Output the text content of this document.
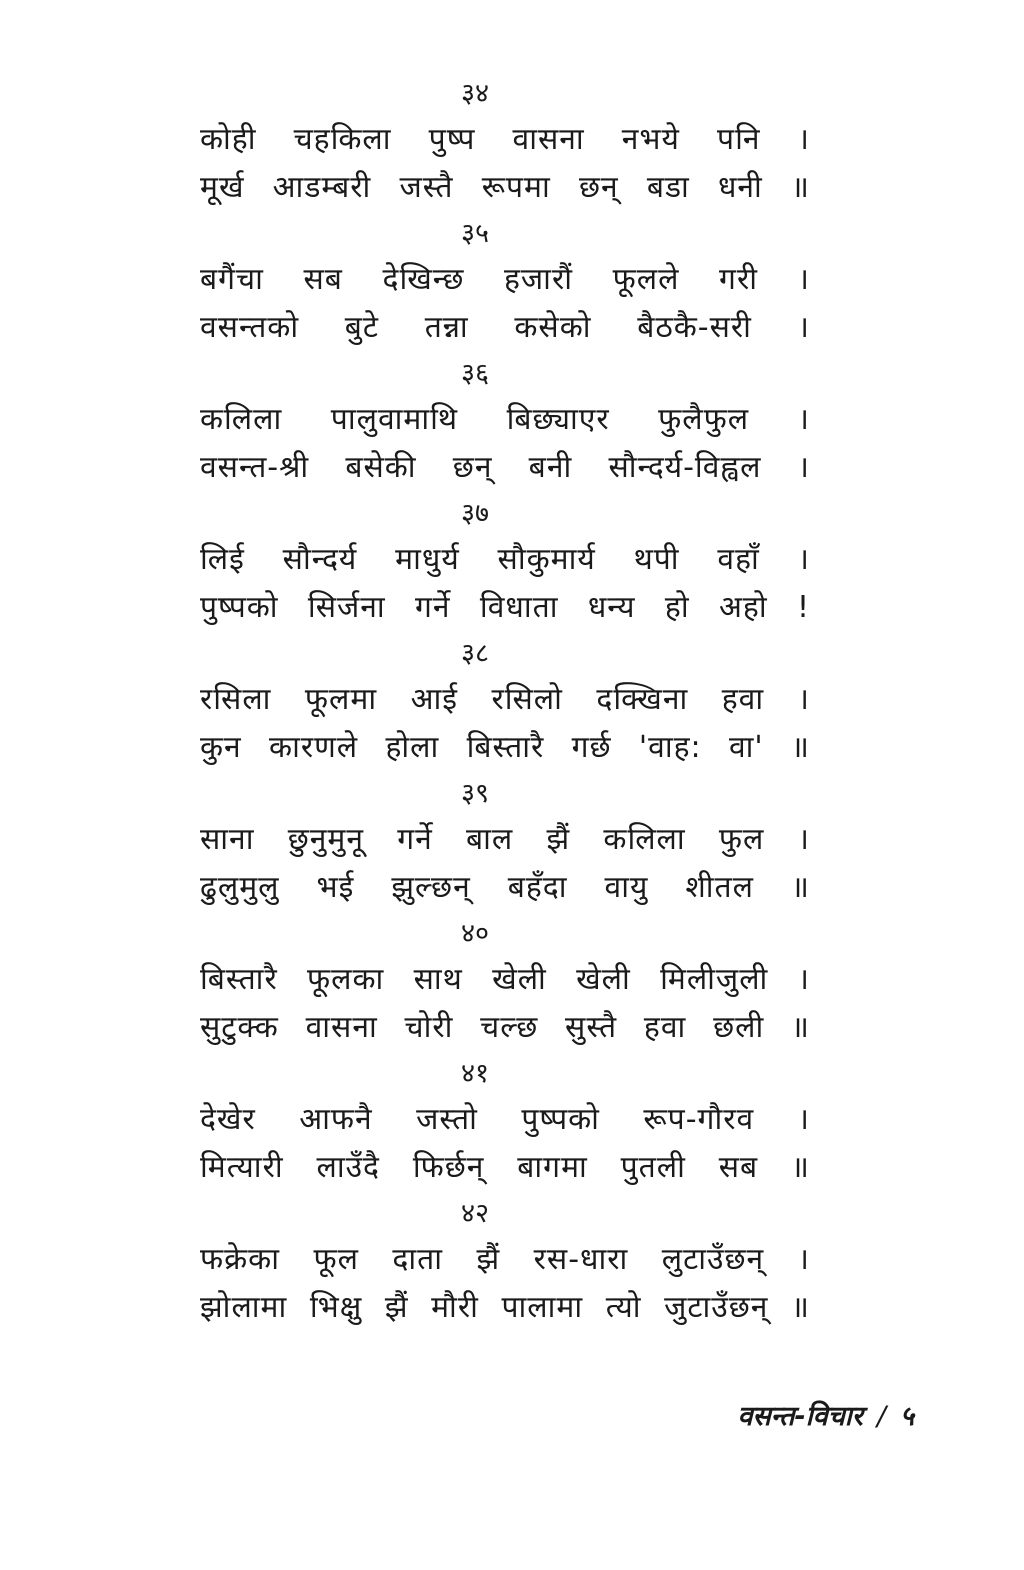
३४
कोही चहकिला पुष्प वासना नभये पनि ।
मूर्ख आडम्बरी जस्तै रूपमा छन् बडा धनी ॥
३५
बगैंचा सब देखिन्छ हजारौं फूलले गरी ।
वसन्तको बुटे तन्ना कसेको बैठकै-सरी ।
३६
कलिला पालुवामाथि बिछ्याएर फुलैफुल ।
वसन्त-श्री बसेकी छन् बनी सौन्दर्य-विह्वल ।
३७
लिई सौन्दर्य माधुर्य सौकुमार्य थपी वहाँ ।
पुष्पको सिर्जना गर्ने विधाता धन्य हो अहो !
३८
रसिला फूलमा आई रसिलो दक्खिना हवा ।
कुन कारणले होला बिस्तारै गर्छ 'वाह: वा' ॥
३९
साना छुनुमुनू गर्ने बाल झैं कलिला फुल ।
ढुलुमुलु भई झुल्छन् बहँदा वायु शीतल ॥
४०
बिस्तारै फूलका साथ खेली खेली मिलीजुली ।
सुटुक्क वासना चोरी चल्छ सुस्तै हवा छली ॥
४१
देखेर आफनै जस्तो पुष्पको रूप-गौरव ।
मित्यारी लाउँदै फिर्छन् बागमा पुतली सब ॥
४२
फक्रेका फूल दाता झैं रस-धारा लुटाउँछन् ।
झोलामा भिक्षु झैं मौरी पालामा त्यो जुटाउँछन् ॥
वसन्त-विचार / ५
